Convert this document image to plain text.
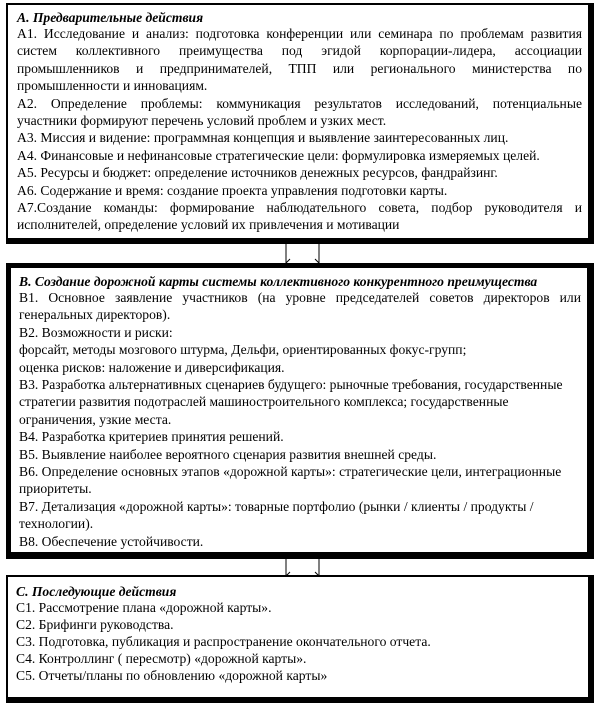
А. Предварительные действия
А1. Исследование и анализ: подготовка конференции или семинара по проблемам развития систем коллективного преимущества под эгидой корпорации-лидера, ассоциации промышленников и предпринимателей, ТПП или регионального министерства по промышленности и инновациям.
А2. Определение проблемы: коммуникация результатов исследований, потенциальные участники формируют перечень условий проблем и узких мест.
А3. Миссия и видение: программная концепция и выявление заинтересованных лиц.
А4. Финансовые и нефинансовые стратегические цели: формулировка измеряемых целей.
А5. Ресурсы и бюджет: определение источников денежных ресурсов, фандрайзинг.
А6. Содержание и время: создание проекта управления подготовки карты.
А7.Создание команды: формирование наблюдательного совета, подбор руководителя и исполнителей, определение условий их привлечения и мотивации
В. Создание дорожной карты системы коллективного конкурентного преимущества
В1. Основное заявление участников (на уровне председателей советов директоров или генеральных директоров).
В2. Возможности и риски:
форсайт, методы мозгового штурма, Дельфи, ориентированных фокус-групп;
оценка рисков: наложение и диверсификация.
В3. Разработка альтернативных сценариев будущего: рыночные требования, государственные стратегии развития подотраслей машиностроительного комплекса; государственные ограничения, узкие места.
В4. Разработка критериев принятия решений.
В5. Выявление наиболее вероятного сценария развития внешней среды.
В6. Определение основных этапов «дорожной карты»: стратегические цели, интеграционные приоритеты.
В7. Детализация «дорожной карты»: товарные портфолио (рынки / клиенты / продукты / технологии).
В8. Обеспечение устойчивости.
С. Последующие действия
С1. Рассмотрение плана «дорожной карты».
С2. Брифинги руководства.
С3. Подготовка, публикация и распространение окончательного отчета.
С4. Контроллинг ( пересмотр) «дорожной карты».
С5. Отчеты/планы по обновлению «дорожной карты»
